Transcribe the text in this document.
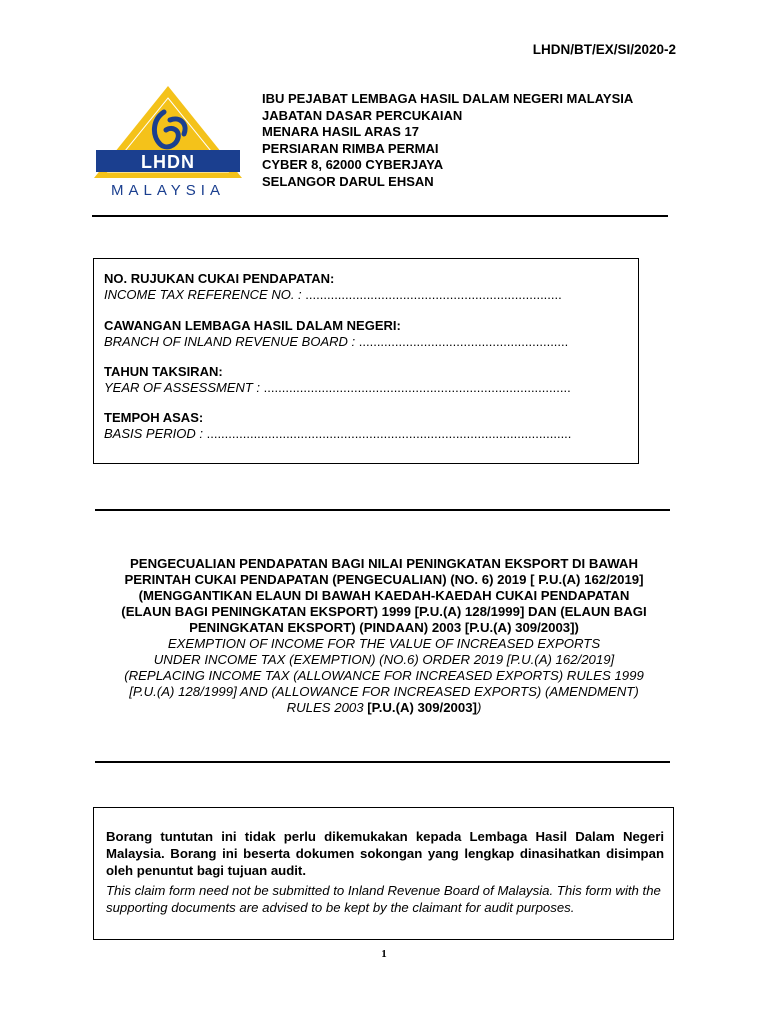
LHDN/BT/EX/SI/2020-2
LHDN
MALAYSIA
IBU PEJABAT LEMBAGA HASIL DALAM NEGERI MALAYSIA
JABATAN DASAR PERCUKAIAN
MENARA HASIL ARAS 17
PERSIARAN RIMBA PERMAI
CYBER 8, 62000 CYBERJAYA
SELANGOR DARUL EHSAN
NO. RUJUKAN CUKAI PENDAPATAN:
INCOME TAX REFERENCE NO. : .......................................................................
CAWANGAN LEMBAGA HASIL DALAM NEGERI:
BRANCH OF INLAND REVENUE BOARD : ..........................................................
TAHUN TAKSIRAN:
YEAR OF ASSESSMENT : .....................................................................................
TEMPOH ASAS:
BASIS PERIOD : .....................................................................................................
PENGECUALIAN PENDAPATAN BAGI NILAI PENINGKATAN EKSPORT DI BAWAH
PERINTAH CUKAI PENDAPATAN (PENGECUALIAN) (NO. 6) 2019 [ P.U.(A) 162/2019]
(MENGGANTIKAN ELAUN DI BAWAH KAEDAH-KAEDAH CUKAI PENDAPATAN
(ELAUN BAGI PENINGKATAN EKSPORT) 1999 [P.U.(A) 128/1999] DAN (ELAUN BAGI
PENINGKATAN EKSPORT) (PINDAAN) 2003 [P.U.(A) 309/2003])
EXEMPTION OF INCOME FOR THE VALUE OF INCREASED EXPORTS
UNDER INCOME TAX (EXEMPTION) (NO.6) ORDER 2019 [P.U.(A) 162/2019]
(REPLACING INCOME TAX (ALLOWANCE FOR INCREASED EXPORTS) RULES 1999
[P.U.(A) 128/1999] AND (ALLOWANCE FOR INCREASED EXPORTS) (AMENDMENT)
RULES 2003 [P.U.(A) 309/2003])
Borang tuntutan ini tidak perlu dikemukakan kepada Lembaga Hasil Dalam Negeri Malaysia. Borang ini beserta dokumen sokongan yang lengkap dinasihatkan disimpan oleh penuntut bagi tujuan audit.
This claim form need not be submitted to Inland Revenue Board of Malaysia. This form with the supporting documents are advised to be kept by the claimant for audit purposes.
1
